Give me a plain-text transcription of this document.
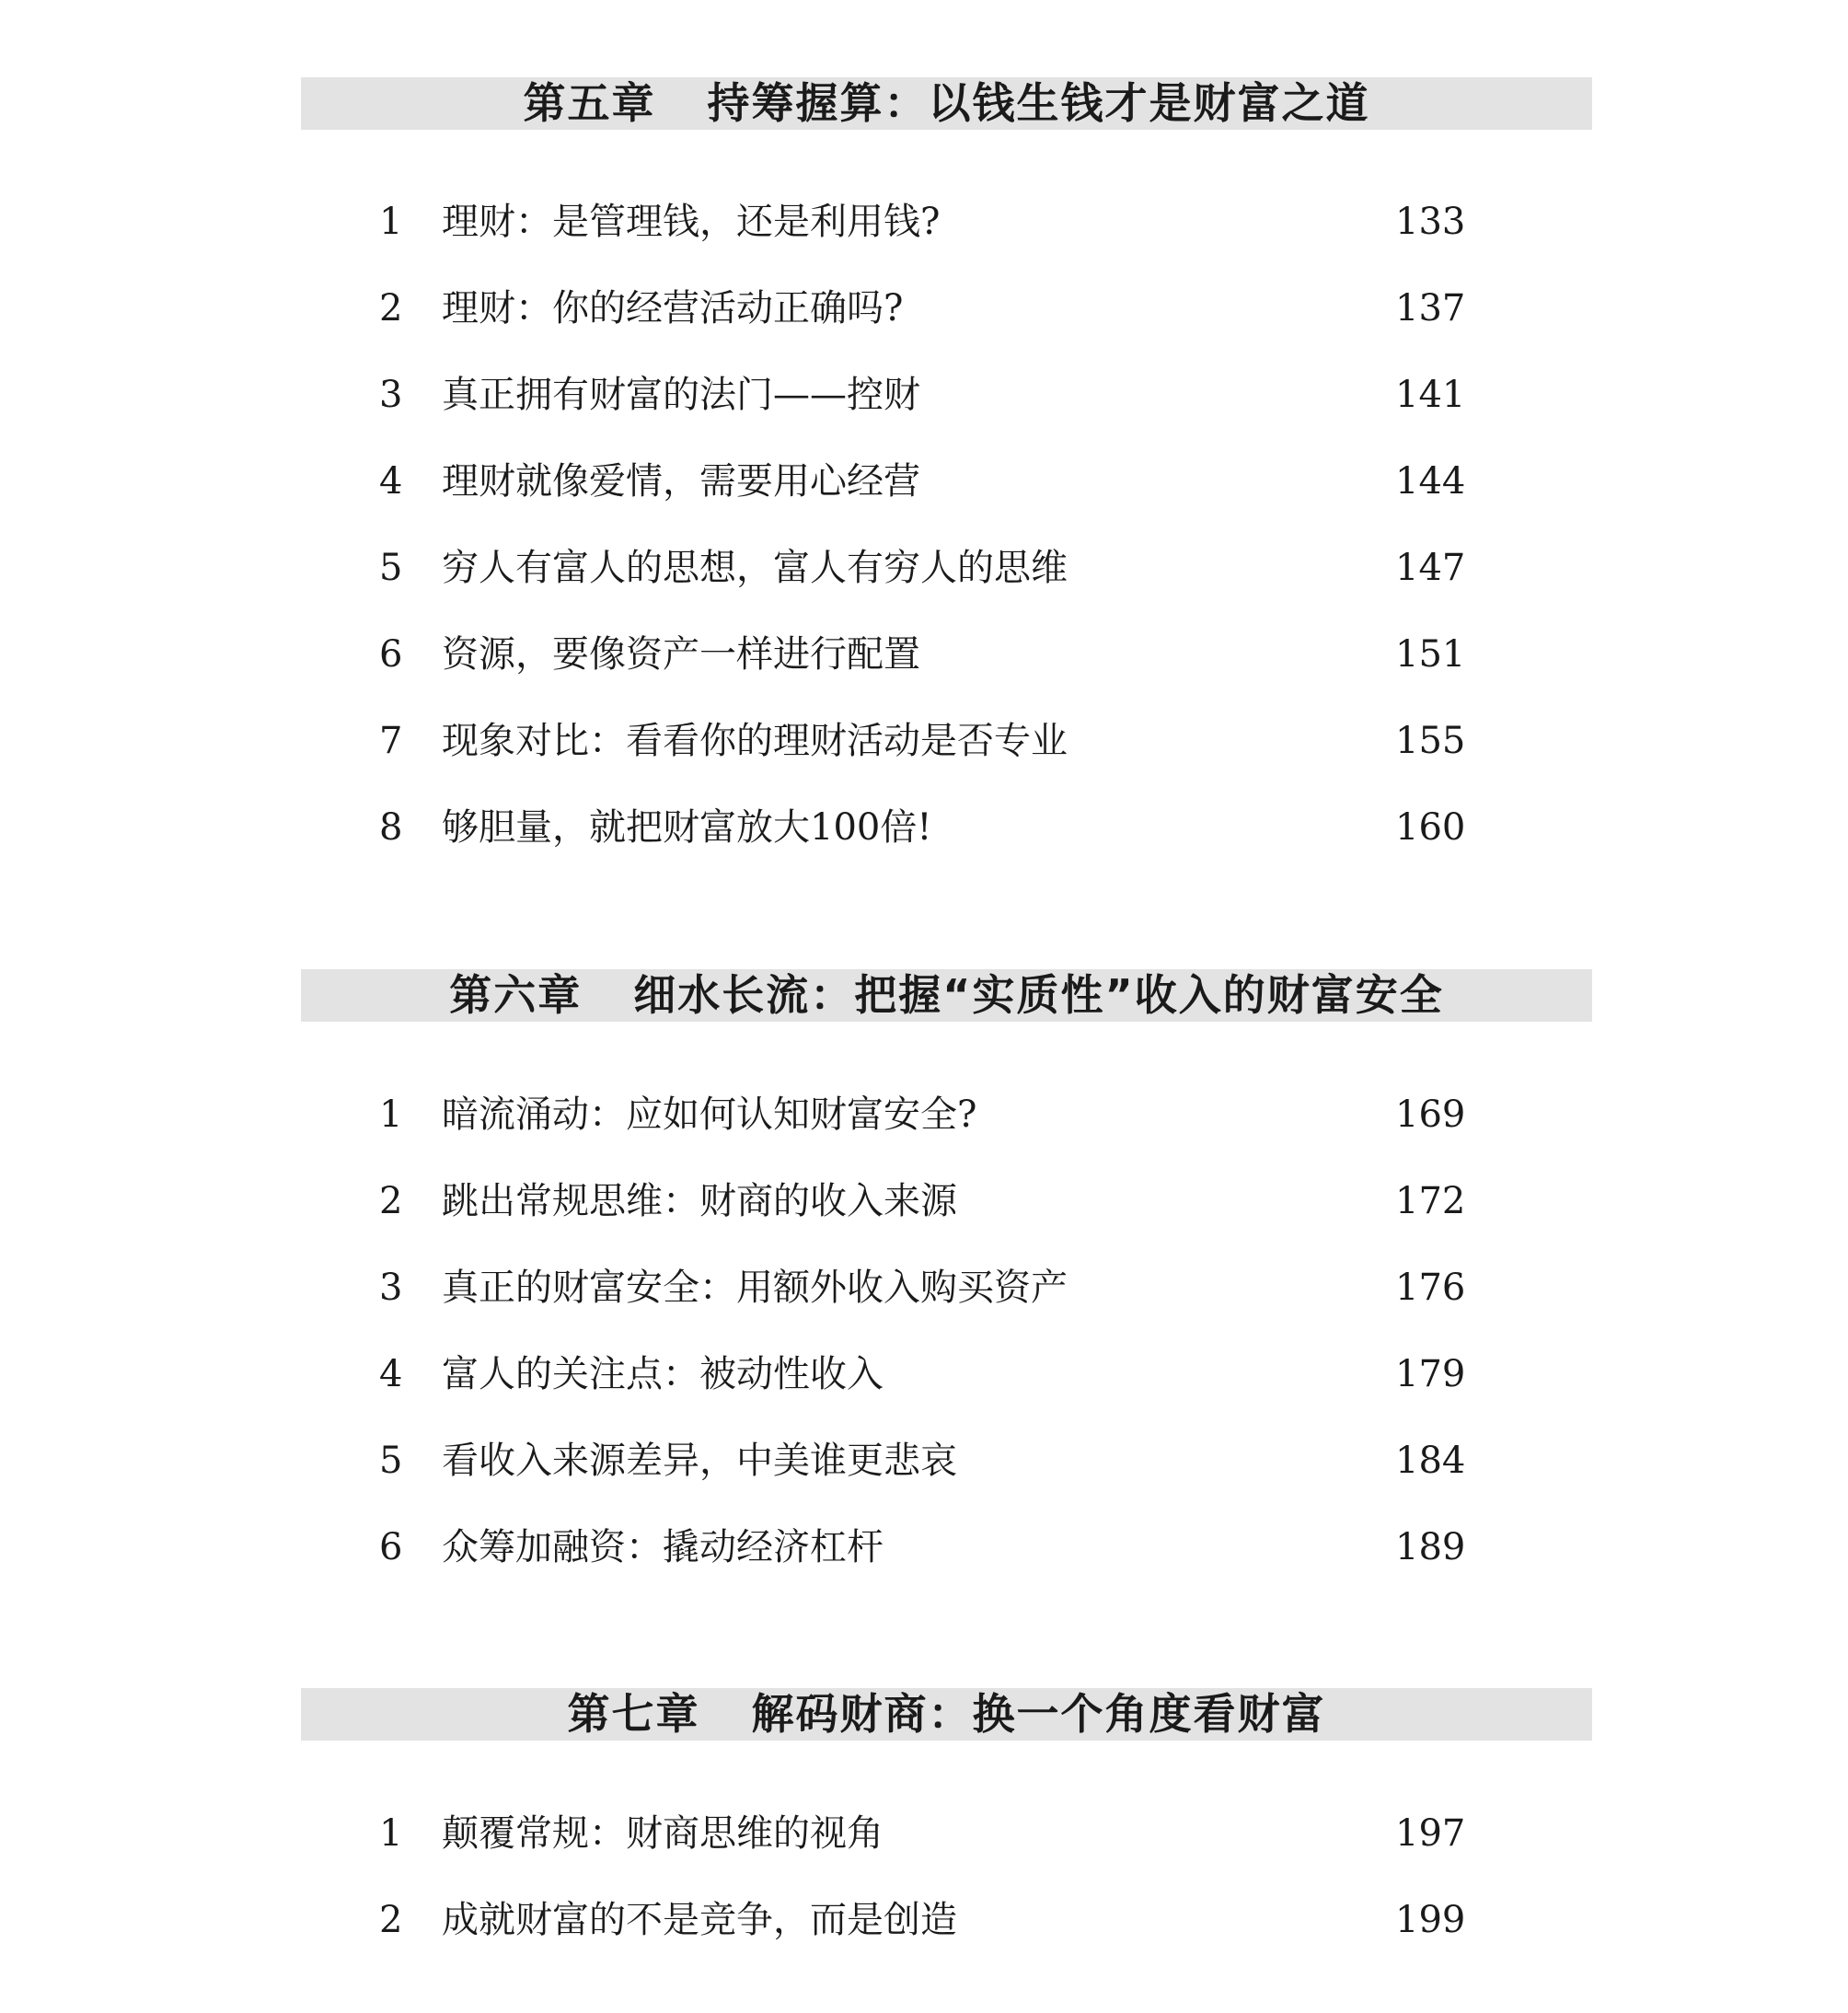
第五章 持筹握算：以钱生钱才是财富之道
1	理财：是管理钱，还是利用钱?	133
2	理财：你的经营活动正确吗?	137
3	真正拥有财富的法门——控财	141
4	理财就像爱情，需要用心经营	144
5	穷人有富人的思想，富人有穷人的思维	147
6	资源，要像资产一样进行配置	151
7	现象对比：看看你的理财活动是否专业	155
8	够胆量，就把财富放大100倍!	160
第六章 细水长流：把握“实质性”收入的财富安全
1	暗流涌动：应如何认知财富安全?	169
2	跳出常规思维：财商的收入来源	172
3	真正的财富安全：用额外收入购买资产	176
4	富人的关注点：被动性收入	179
5	看收入来源差异，中美谁更悲哀	184
6	众筹加融资：撬动经济杠杆	189
第七章 解码财商：换一个角度看财富
1	颠覆常规：财商思维的视角	197
2	成就财富的不是竞争，而是创造	199
